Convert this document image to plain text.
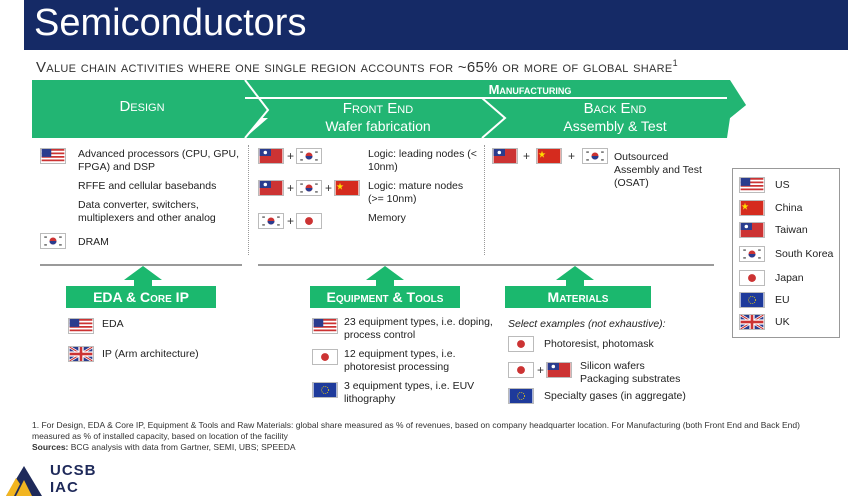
Semiconductors
Value chain activities where one single region accounts for ~65% or more of global share$^1$
Manufacturing
Design	Front End
Wafer fabrication
Back End
Assembly & Test
Advanced processors (CPU, GPU, FPGA) and DSP
RFFE and cellular basebands
Data converter, switchers, multiplexers and other analog
DRAM
+	Logic: leading nodes (< 10nm)
+	+	Logic: mature nodes (>= 10nm)
+	Memory
+	+	Outsourced Assembly and Test (OSAT)
EDA & Core IP	Equipment & Tools	Materials
EDA
IP (Arm architecture)
23 equipment types, i.e. doping, process control
12 equipment types, i.e. photoresist processing
3 equipment types, i.e. EUV lithography
Select examples (not exhaustive):
Photoresist, photomask
+	Silicon wafers Packaging substrates
Specialty gases (in aggregate)
US
China
Taiwan
South Korea
Japan
EU
UK
1. For Design, EDA & Core IP, Equipment & Tools and Raw Materials: global share measured as % of revenues, based on company headquarter location. For Manufacturing (both Front End and Back End) measured as % of installed capacity, based on location of the facility
Sources: BCG analysis with data from Gartner, SEMI, UBS; SPEEDA
UCSB
IAC
